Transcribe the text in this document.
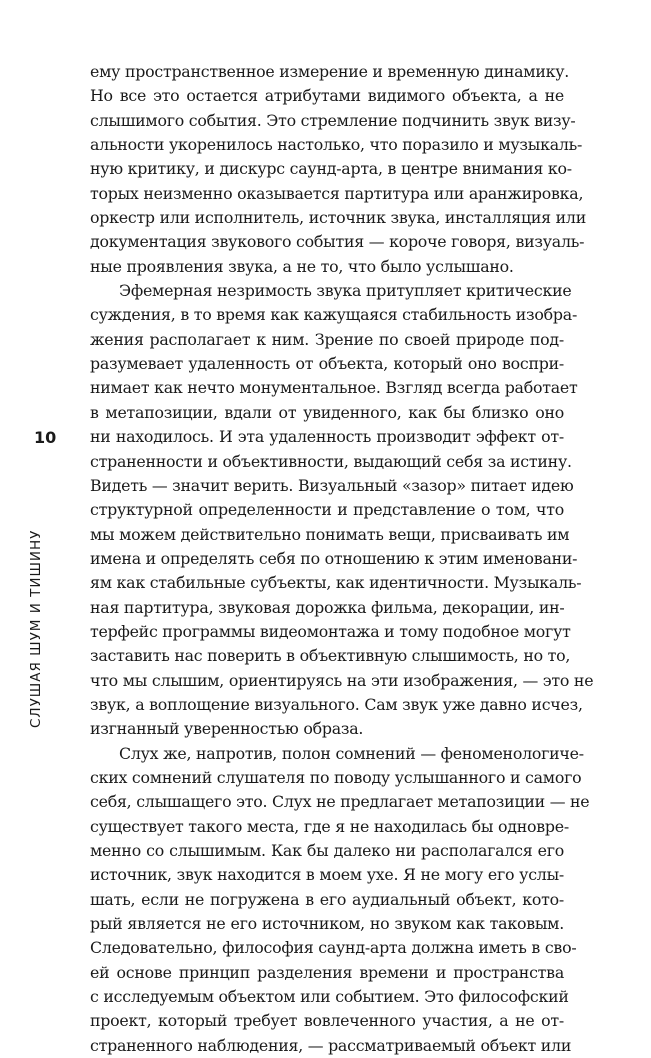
10
СЛУШАЯ ШУМ И ТИШИНУ
ему пространственное измерение и временную динамику.
Но все это остается атрибутами видимого объекта, а не
слышимого события. Это стремление подчинить звук визу-
альности укоренилось настолько, что поразило и музыкаль-
ную критику, и дискурс саунд-арта, в центре внимания ко-
торых неизменно оказывается партитура или аранжировка,
оркестр или исполнитель, источник звука, инсталляция или
документация звукового события — короче говоря, визуаль-
ные проявления звука, а не то, что было услышано.
Эфемерная незримость звука притупляет критические
суждения, в то время как кажущаяся стабильность изобра-
жения располагает к ним. Зрение по своей природе под-
разумевает удаленность от объекта, который оно воспри-
нимает как нечто монументальное. Взгляд всегда работает
в метапозиции, вдали от увиденного, как бы близко оно
ни находилось. И эта удаленность производит эффект от-
страненности и объективности, выдающий себя за истину.
Видеть — значит верить. Визуальный «зазор» питает идею
структурной определенности и представление о том, что
мы можем действительно понимать вещи, присваивать им
имена и определять себя по отношению к этим именовани-
ям как стабильные субъекты, как идентичности. Музыкаль-
ная партитура, звуковая дорожка фильма, декорации, ин-
терфейс программы видеомонтажа и тому подобное могут
заставить нас поверить в объективную слышимость, но то,
что мы слышим, ориентируясь на эти изображения, — это не
звук, а воплощение визуального. Сам звук уже давно исчез,
изгнанный уверенностью образа.
Слух же, напротив, полон сомнений — феноменологиче-
ских сомнений слушателя по поводу услышанного и самого
себя, слышащего это. Слух не предлагает метапозиции — не
существует такого места, где я не находилась бы одновре-
менно со слышимым. Как бы далеко ни располагался его
источник, звук находится в моем ухе. Я не могу его услы-
шать, если не погружена в его аудиальный объект, кото-
рый является не его источником, но звуком как таковым.
Следовательно, философия саунд-арта должна иметь в сво-
ей основе принцип разделения времени и пространства
с исследуемым объектом или событием. Это философский
проект, который требует вовлеченного участия, а не от-
страненного наблюдения, — рассматриваемый объект или
